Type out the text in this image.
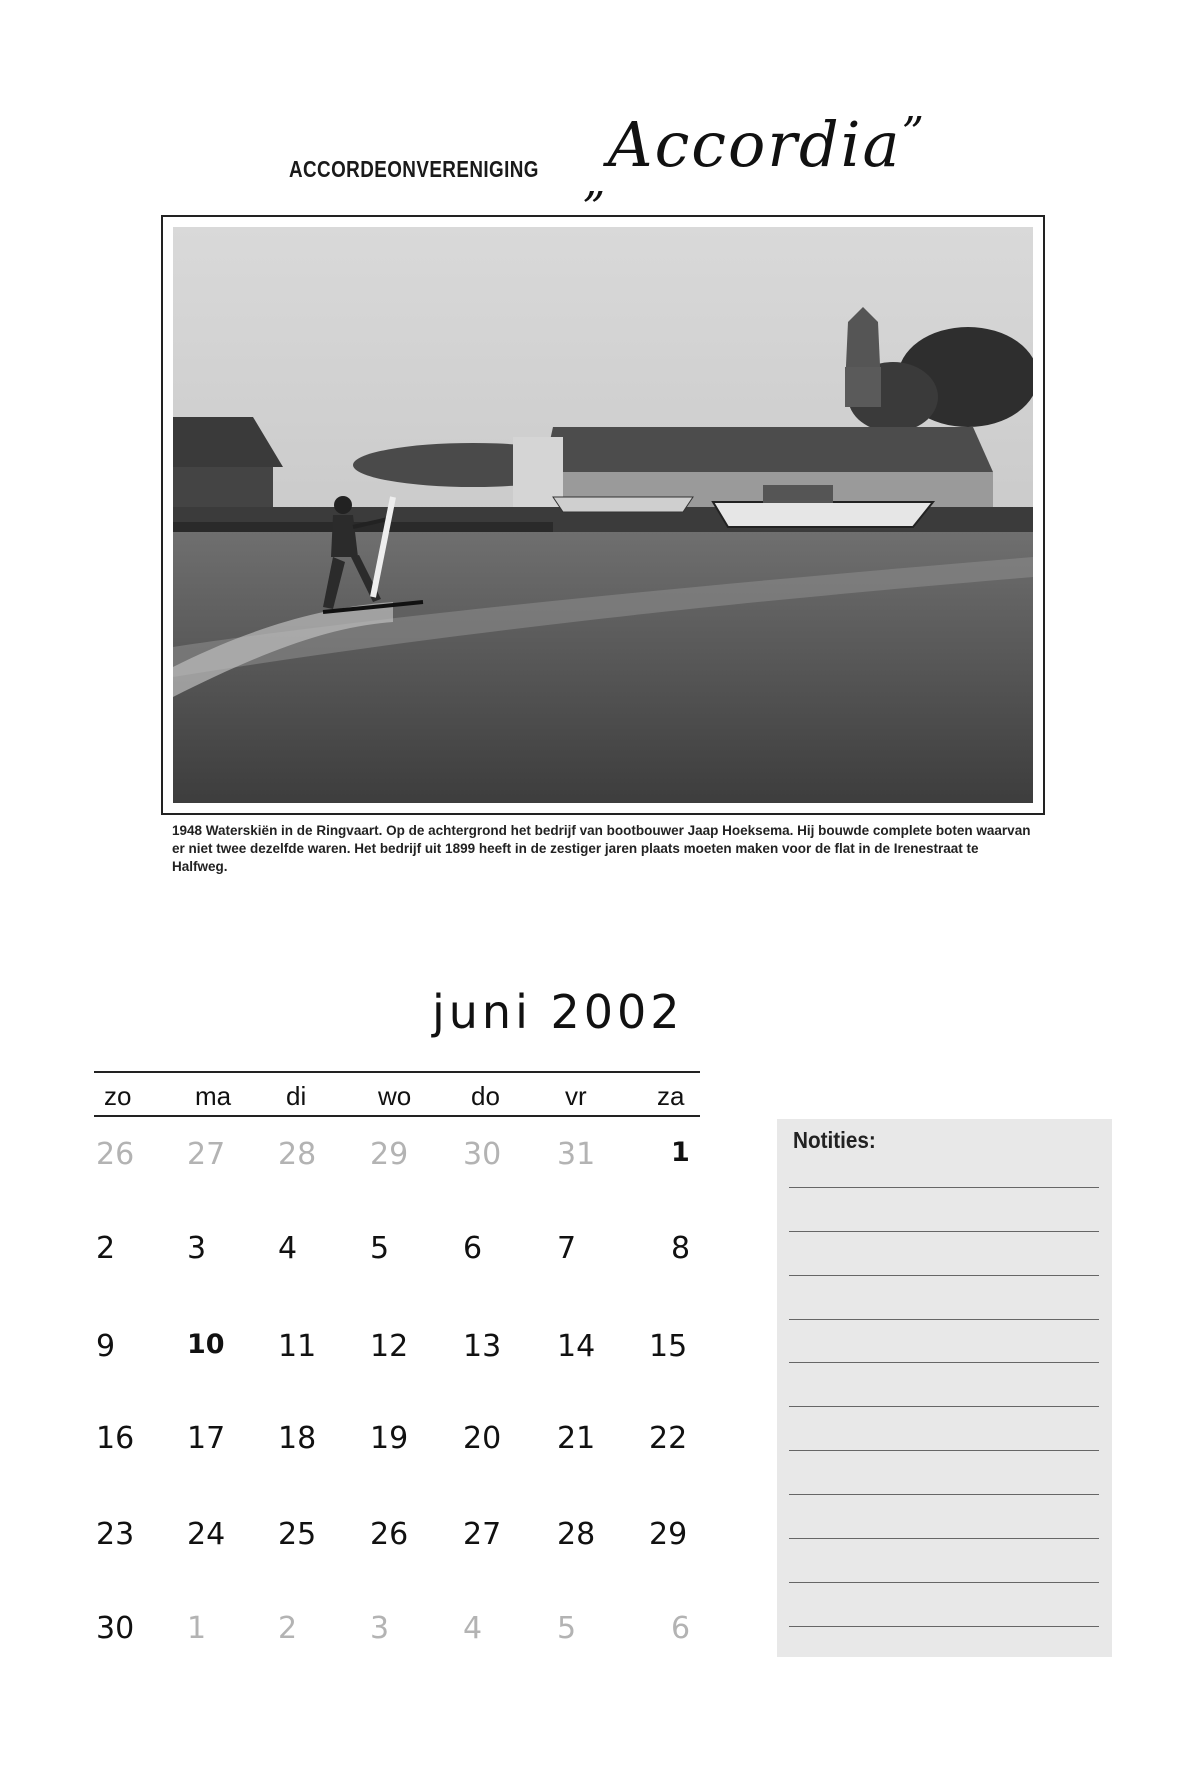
ACCORDEONVERENIGING „Accordia”
1948 Waterskiën in de Ringvaart. Op de achtergrond het bedrijf van bootbouwer Jaap Hoeksema. Hij bouwde complete boten waarvan er niet twee dezelfde waren. Het bedrijf uit 1899 heeft in de zestiger jaren plaats moeten maken voor de flat in de Irenestraat te Halfweg.
juni 2002
zo ma di	wo do	vr	za
26 27 28 29 30 31	1
2 3 4 5 6 7	8
9	10 11 12 13 14 15
16 17 18 19 20 21 22
23 24 25 26 27 28 29
30 1 2 3 4 5	6
Notities:
